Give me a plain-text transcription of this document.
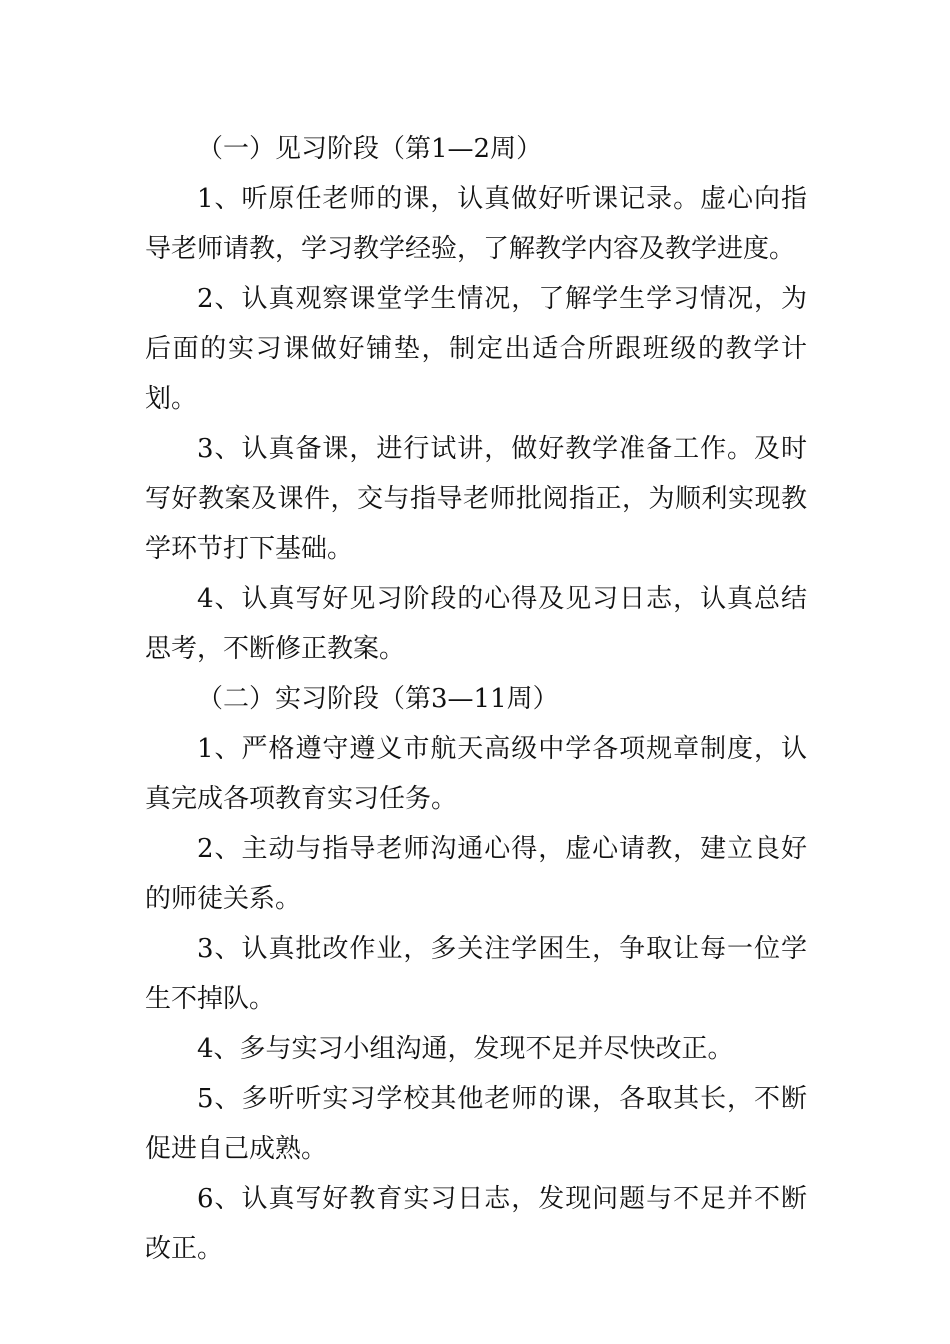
（一）见习阶段（第1—2周）

1、听原任老师的课，认真做好听课记录。虚心向指导老师请教，学习教学经验，了解教学内容及教学进度。

2、认真观察课堂学生情况，了解学生学习情况，为后面的实习课做好铺垫，制定出适合所跟班级的教学计划。

3、认真备课，进行试讲，做好教学准备工作。及时写好教案及课件，交与指导老师批阅指正，为顺利实现教学环节打下基础。

4、认真写好见习阶段的心得及见习日志，认真总结思考，不断修正教案。

（二）实习阶段（第3—11周）

1、严格遵守遵义市航天高级中学各项规章制度，认真完成各项教育实习任务。

2、主动与指导老师沟通心得，虚心请教，建立良好的师徒关系。

3、认真批改作业，多关注学困生，争取让每一位学生不掉队。

4、多与实习小组沟通，发现不足并尽快改正。

5、多听听实习学校其他老师的课，各取其长，不断促进自己成熟。

6、认真写好教育实习日志，发现问题与不足并不断改正。
